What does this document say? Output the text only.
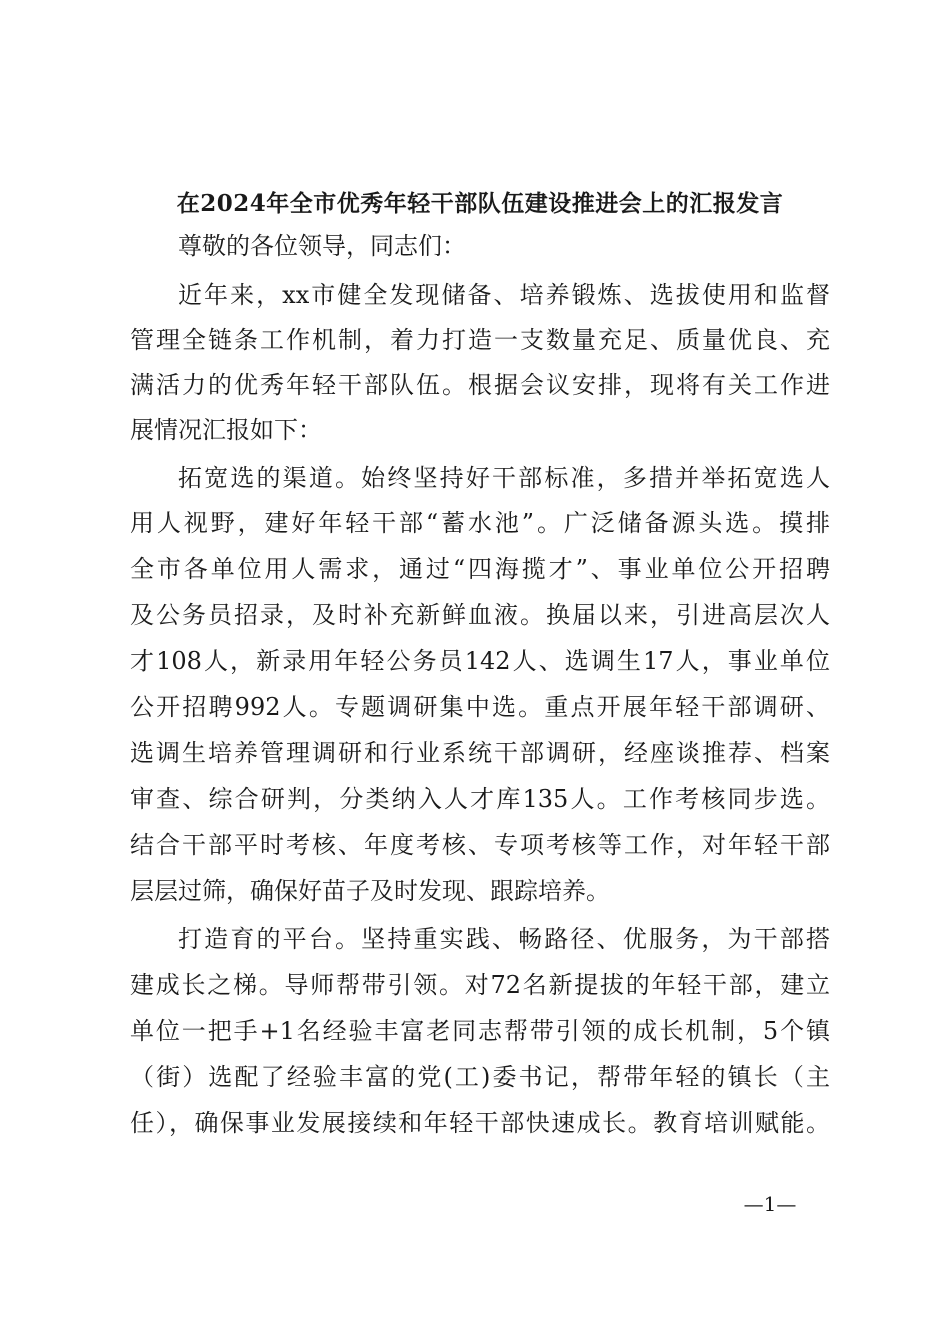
在2024年全市优秀年轻干部队伍建设推进会上的汇报发言
尊敬的各位领导，同志们：
近年来，xx市健全发现储备、培养锻炼、选拔使用和监督
管理全链条工作机制，着力打造一支数量充足、质量优良、充
满活力的优秀年轻干部队伍。根据会议安排，现将有关工作进
展情况汇报如下：
拓宽选的渠道。始终坚持好干部标准，多措并举拓宽选人
用人视野，建好年轻干部“蓄水池”。广泛储备源头选。摸排
全市各单位用人需求，通过“四海揽才”、事业单位公开招聘
及公务员招录，及时补充新鲜血液。换届以来，引进高层次人
才108人，新录用年轻公务员142人、选调生17人，事业单位
公开招聘992人。专题调研集中选。重点开展年轻干部调研、
选调生培养管理调研和行业系统干部调研，经座谈推荐、档案
审查、综合研判，分类纳入人才库135人。工作考核同步选。
结合干部平时考核、年度考核、专项考核等工作，对年轻干部
层层过筛，确保好苗子及时发现、跟踪培养。
打造育的平台。坚持重实践、畅路径、优服务，为干部搭
建成长之梯。导师帮带引领。对72名新提拔的年轻干部，建立
单位一把手+1名经验丰富老同志帮带引领的成长机制，5个镇
（街）选配了经验丰富的党(工)委书记，帮带年轻的镇长（主
任），确保事业发展接续和年轻干部快速成长。教育培训赋能。
—1—
